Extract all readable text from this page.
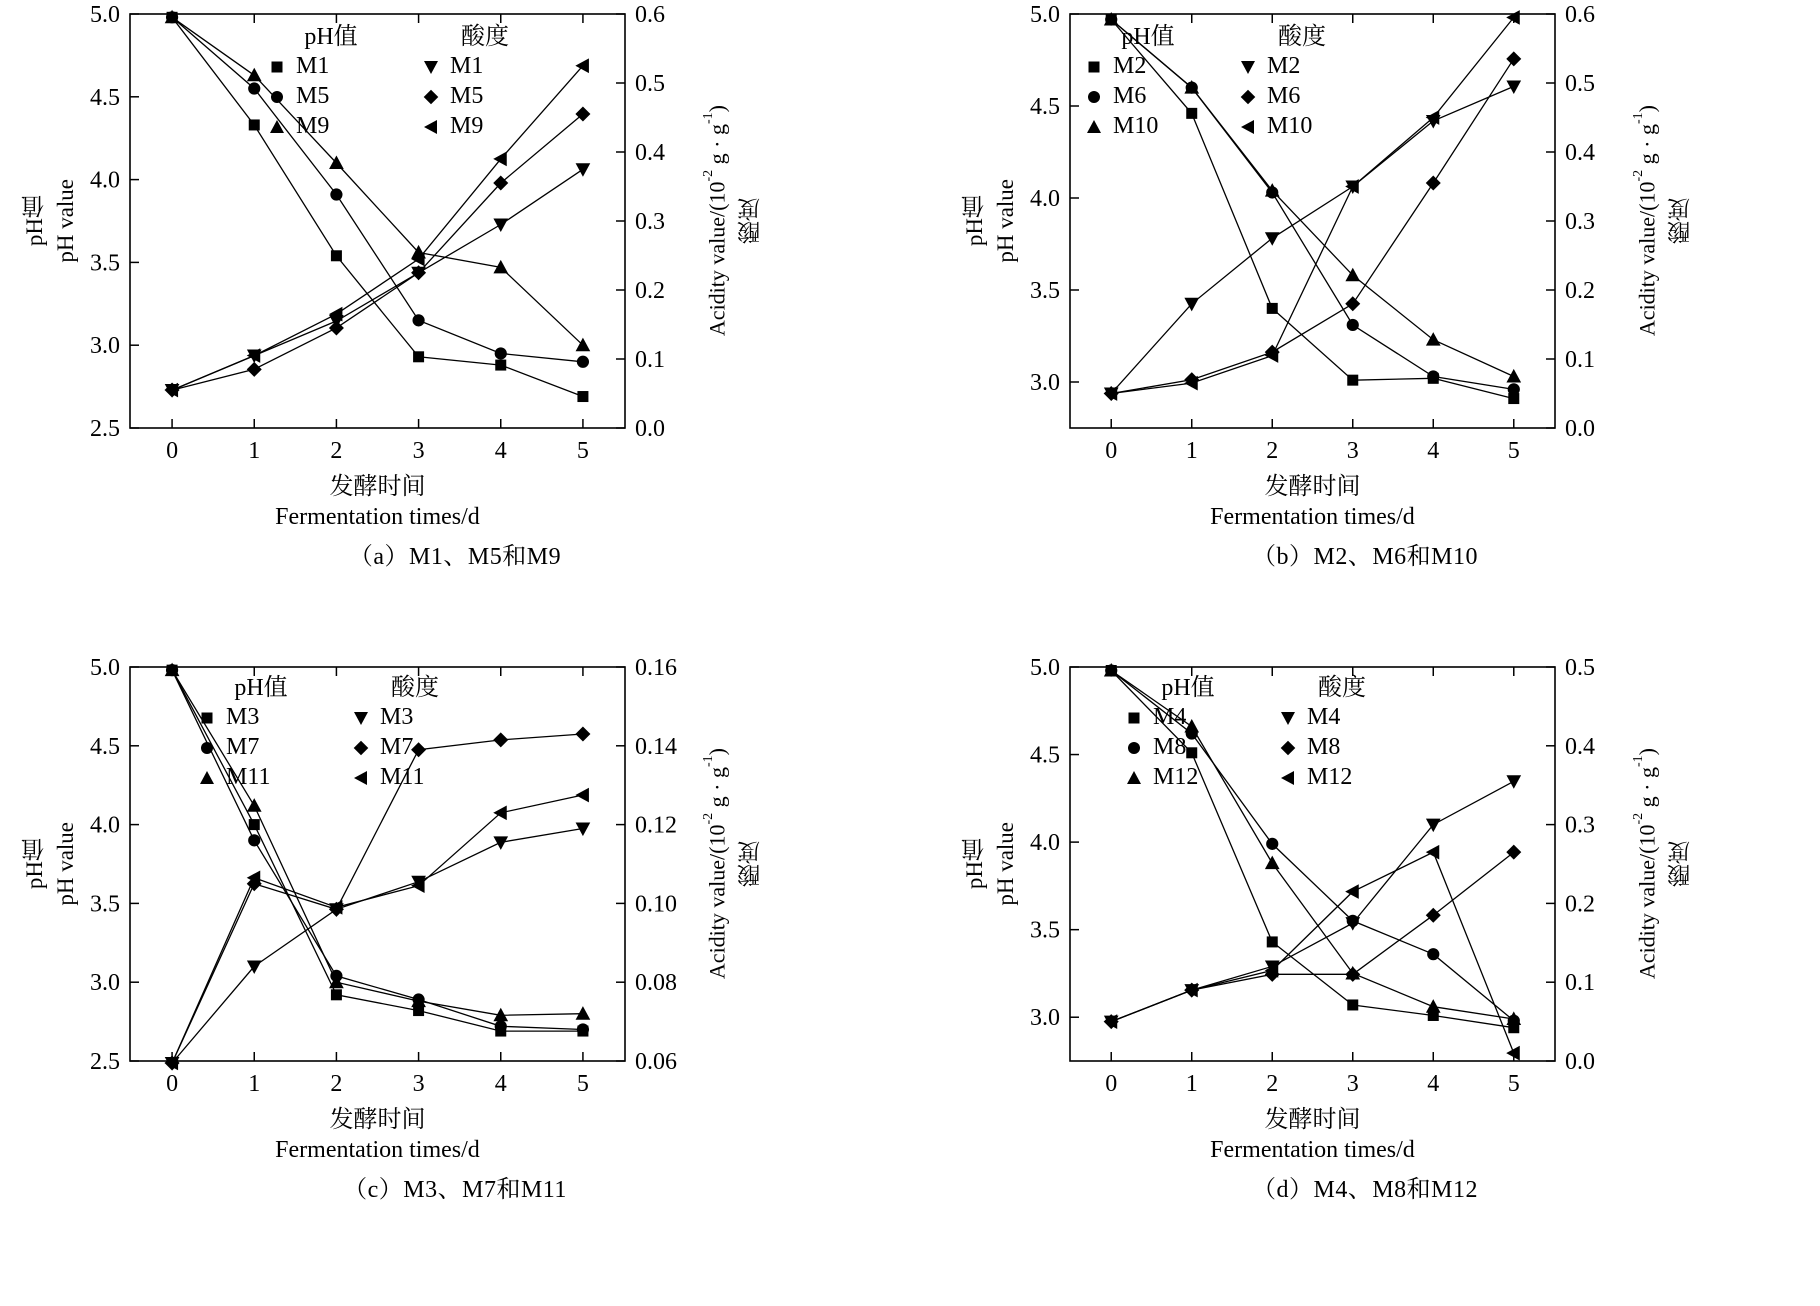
0	1	2	3	4	5
2.5
3.0
3.5
4.0
4.5
5.0
0.0
0.1
0.2
0.3
0.4
0.5
0.6
发酵时间
Fermentation times/d
（a）M1、M5和M9
pH值 pH value	Acidity value/($10^{-2}$ $g \cdot g^{-1}$)
酸度
pH值	酸度
M1	M1
M5	M5
M9	M9
0	1	2	3	4	5
3.0
3.5
4.0
4.5
5.0
0.0
0.1
0.2
0.3
0.4
0.5
0.6
发酵时间
Fermentation times/d
（b）M2、M6和M10
pH值 pH value	Acidity value/($10^{-2}$ $g \cdot g^{-1}$)
酸度
pH值	酸度
M2	M2
M6	M6
M10	M10
0	1	2	3	4	5
2.5
3.0
3.5
4.0
4.5
5.0
0.06
0.08
0.10
0.12
0.14
0.16
发酵时间
Fermentation times/d
（c）M3、M7和M11
pH值 pH value	Acidity value/($10^{-2}$ $g \cdot g^{-1}$)
酸度
pH值	酸度
M3	M3
M7	M7
M11	M11
0	1	2	3	4	5
3.0
3.5
4.0
4.5
5.0
0.0
0.1
0.2
0.3
0.4
0.5
发酵时间
Fermentation times/d
（d）M4、M8和M12
pH值 pH value	Acidity value/($10^{-2}$ $g \cdot g^{-1}$)
酸度
pH值	酸度
M4	M4
M8	M8
M12	M12
